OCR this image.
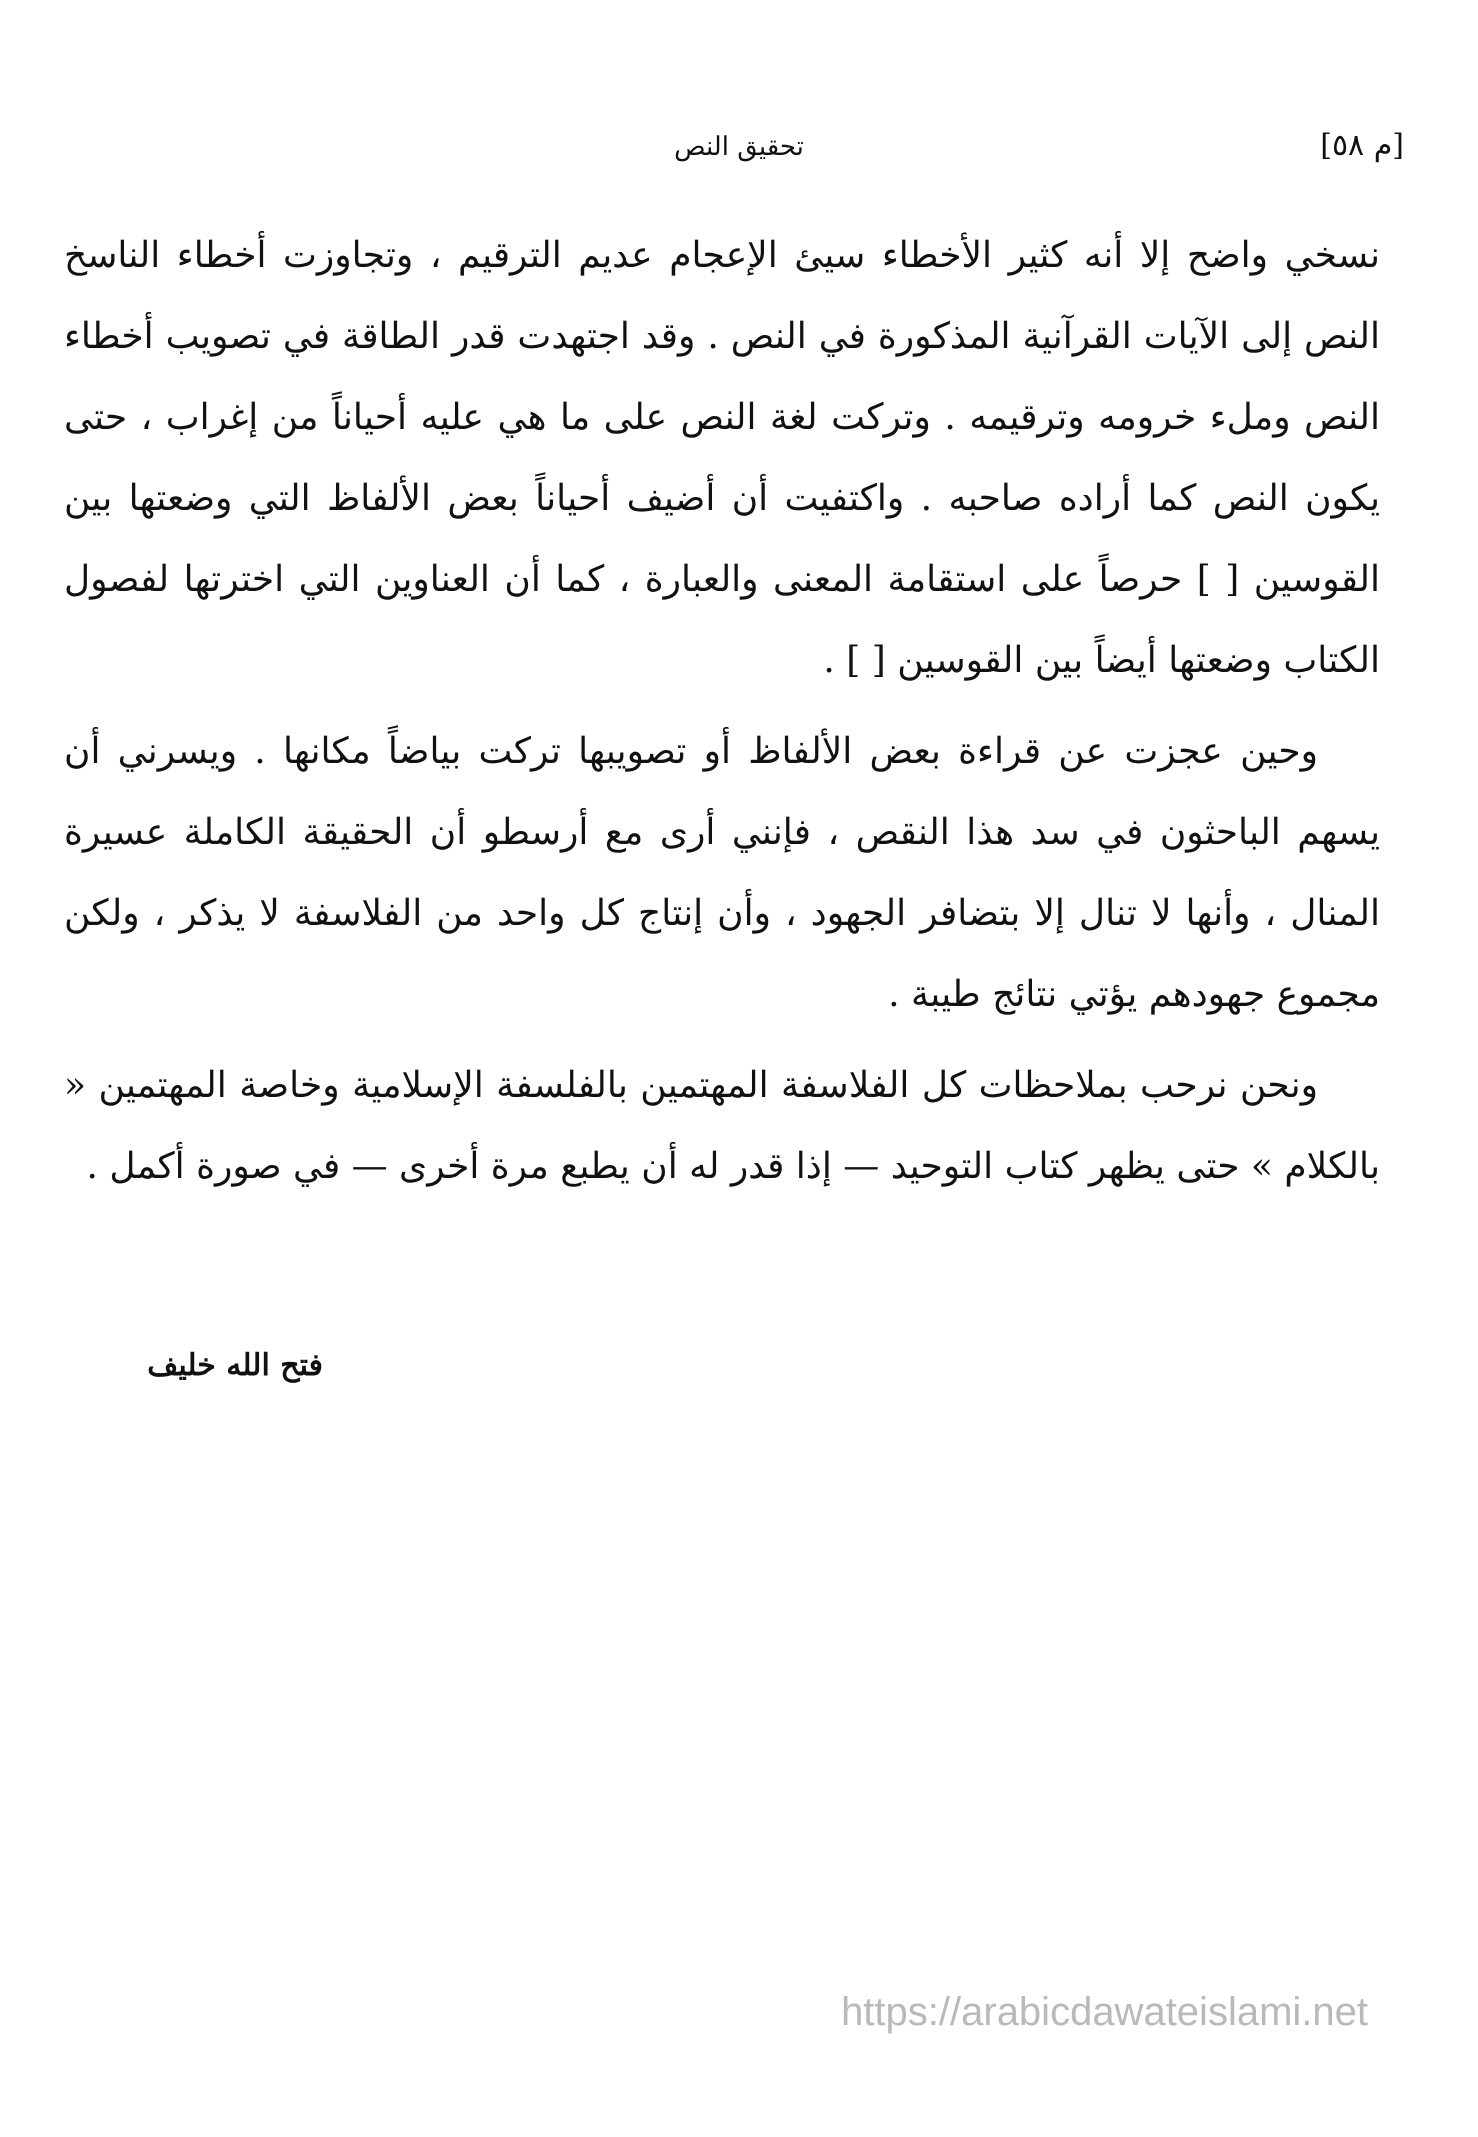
[م ٥٨]
تحقيق النص

نسخي واضح إلا أنه كثير الأخطاء سيئ الإعجام عديم الترقيم ، وتجاوزت أخطاء الناسخ النص إلى الآيات القرآنية المذكورة في النص . وقد اجتهدت قدر الطاقة في تصويب أخطاء النص وملء خرومه وترقيمه . وتركت لغة النص على ما هي عليه أحياناً من إغراب ، حتى يكون النص كما أراده صاحبه . واكتفيت أن أضيف أحياناً بعض الألفاظ التي وضعتها بين القوسين [ ] حرصاً على استقامة المعنى والعبارة ، كما أن العناوين التي اخترتها لفصول الكتاب وضعتها أيضاً بين القوسين [ ] .

وحين عجزت عن قراءة بعض الألفاظ أو تصويبها تركت بياضاً مكانها . ويسرني أن يسهم الباحثون في سد هذا النقص ، فإنني أرى مع أرسطو أن الحقيقة الكاملة عسيرة المنال ، وأنها لا تنال إلا بتضافر الجهود ، وأن إنتاج كل واحد من الفلاسفة لا يذكر ، ولكن مجموع جهودهم يؤتي نتائج طيبة .

ونحن نرحب بملاحظات كل الفلاسفة المهتمين بالفلسفة الإسلامية وخاصة المهتمين « بالكلام » حتى يظهر كتاب التوحيد — إذا قدر له أن يطبع مرة أخرى — في صورة أكمل .

فتح الله خليف
https://arabicdawateislami.net
